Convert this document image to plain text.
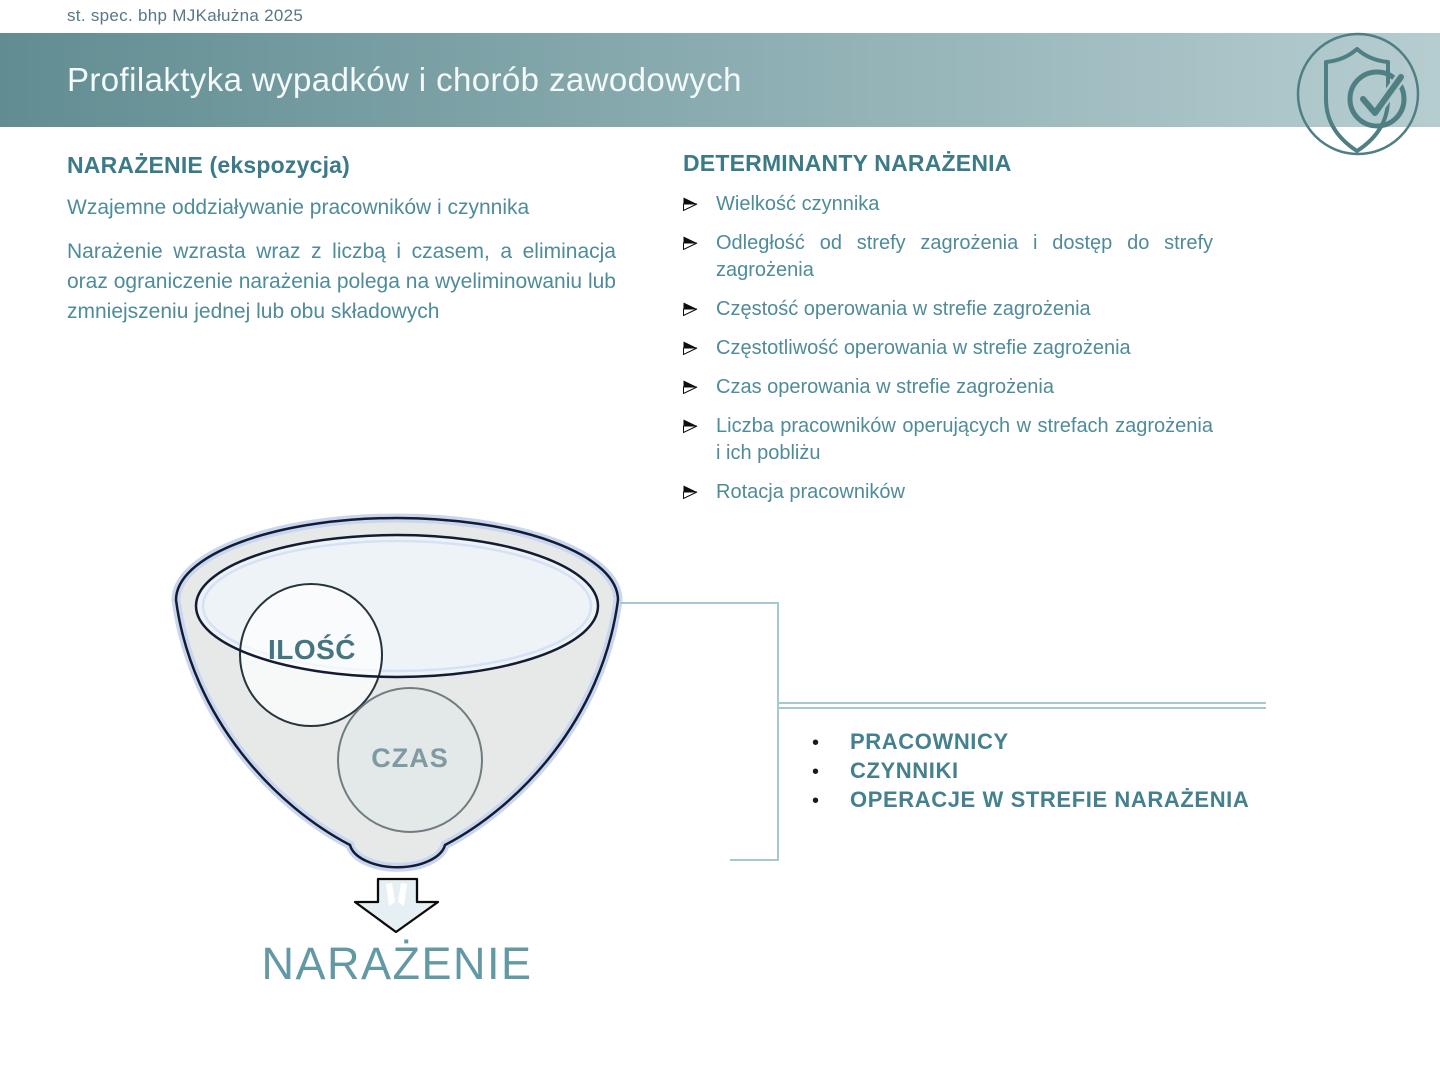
st. spec. bhp MJKałużna 2025
Profilaktyka wypadków i chorób zawodowych
NARAŻENIE (ekspozycja)

Wzajemne oddziaływanie pracowników i czynnika

Narażenie wzrasta wraz z liczbą i czasem, a eliminacja oraz ograniczenie narażenia polega na wyeliminowaniu lub zmniejszeniu jednej lub obu składowych

DETERMINANTY NARAŻENIA
Wielkość czynnika
Odległość od strefy zagrożenia i dostęp do strefy zagrożenia
Częstość operowania w strefie zagrożenia
Częstotliwość operowania w strefie zagrożenia
Czas operowania w strefie zagrożenia
Liczba pracowników operujących w strefach zagrożenia i ich pobliżu
Rotacja pracowników
ILOŚĆ
CZAS
NARAŻENIE
•	PRACOWNICY
•	CZYNNIKI
•	OPERACJE W STREFIE NARAŻENIA
